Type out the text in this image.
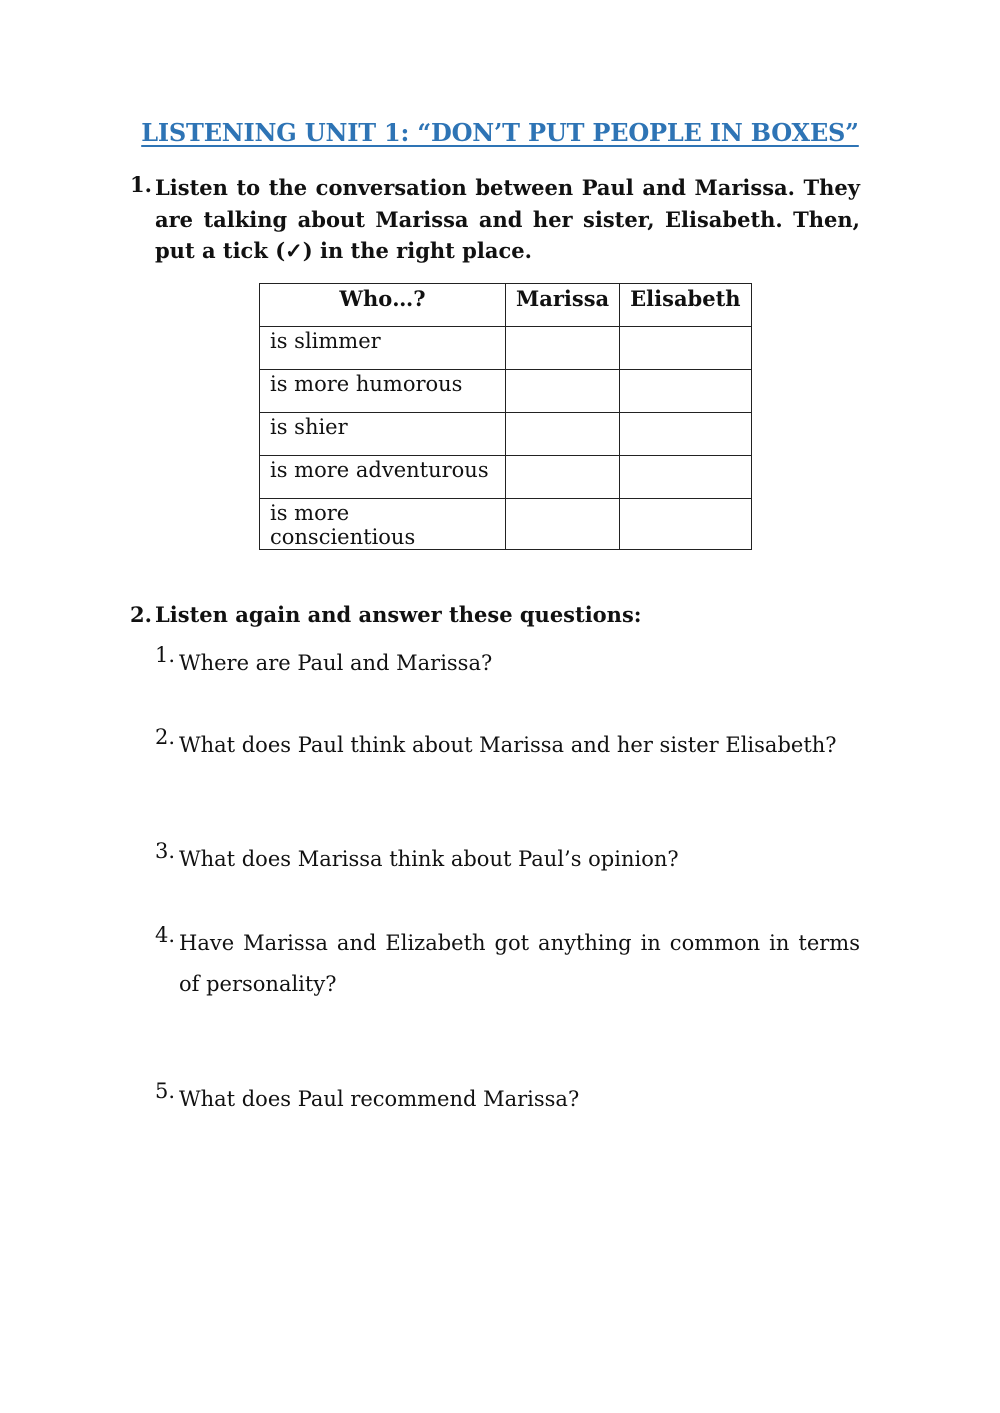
LISTENING UNIT 1: “DON’T PUT PEOPLE IN BOXES”
1. Listen to the conversation between Paul and Marissa. They are talking about Marissa and her sister, Elisabeth. Then, put a tick (✓) in the right place.
Who…?	Marissa	Elisabeth
is slimmer		
is more humorous		
is shier		
is more adventurous		
is more conscientious		
2. Listen again and answer these questions:
1. Where are Paul and Marissa?
2. What does Paul think about Marissa and her sister Elisabeth?
3. What does Marissa think about Paul’s opinion?
4. Have Marissa and Elizabeth got anything in common in terms of personality?
5. What does Paul recommend Marissa?
